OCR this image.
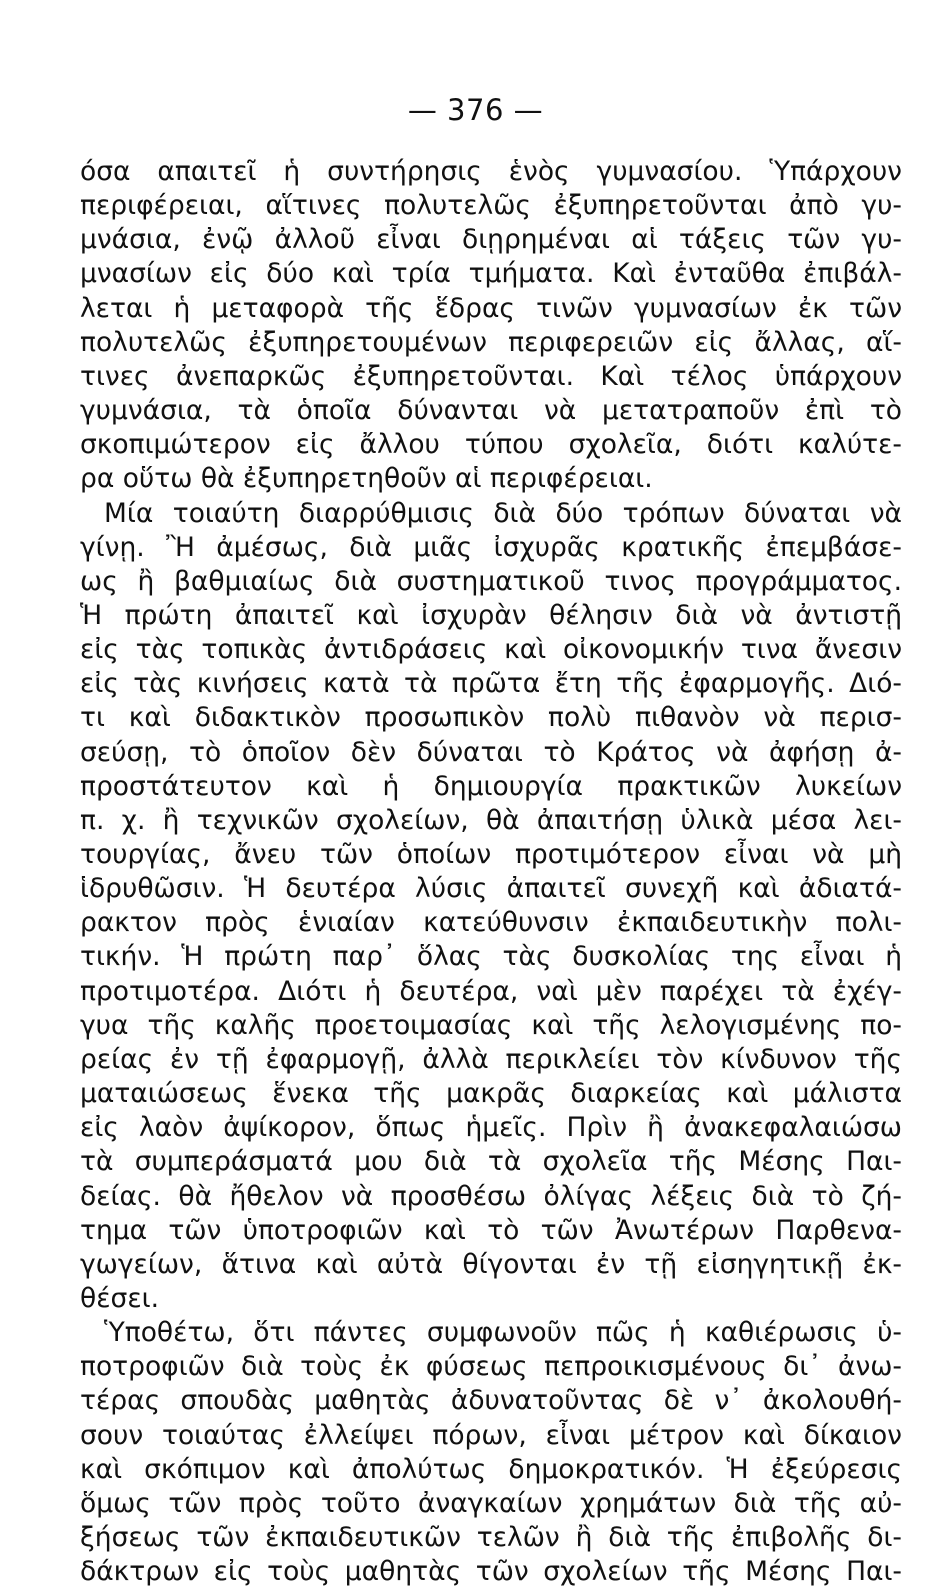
— 376 —
όσα απαιτεῖ ἡ συντήρησις ἑνὸς γυμνασίου. Ὑπάρχουν
περιφέρειαι, αἵτινες πολυτελῶς ἐξυπηρετοῦνται ἀπὸ γυ-
μνάσια, ἐνῷ ἀλλοῦ εἶναι διῃρημέναι αἱ τάξεις τῶν γυ-
μνασίων εἰς δύο καὶ τρία τμήματα. Καὶ ἐνταῦθα ἐπιβάλ-
λεται ἡ μεταφορὰ τῆς ἕδρας τινῶν γυμνασίων ἐκ τῶν
πολυτελῶς ἐξυπηρετουμένων περιφερειῶν εἰς ἄλλας, αἵ-
τινες ἀνεπαρκῶς ἐξυπηρετοῦνται. Καὶ τέλος ὑπάρχουν
γυμνάσια, τὰ ὁποῖα δύνανται νὰ μετατραποῦν ἐπὶ τὸ
σκοπιμώτερον εἰς ἄλλου τύπου σχολεῖα, διότι καλύτε-
ρα οὕτω θὰ ἐξυπηρετηθοῦν αἱ περιφέρειαι.
Μία τοιαύτη διαρρύθμισις διὰ δύο τρόπων δύναται νὰ
γίνῃ. Ἢ ἀμέσως, διὰ μιᾶς ἰσχυρᾶς κρατικῆς ἐπεμβάσε-
ως ἢ βαθμιαίως διὰ συστηματικοῦ τινος προγράμματος.
Ἡ πρώτη ἀπαιτεῖ καὶ ἰσχυρὰν θέλησιν διὰ νὰ ἀντιστῇ
εἰς τὰς τοπικὰς ἀντιδράσεις καὶ οἰκονομικήν τινα ἄνεσιν
εἰς τὰς κινήσεις κατὰ τὰ πρῶτα ἔτη τῆς ἐφαρμογῆς. Διό-
τι καὶ διδακτικὸν προσωπικὸν πολὺ πιθανὸν νὰ περισ-
σεύσῃ, τὸ ὁποῖον δὲν δύναται τὸ Κράτος νὰ ἀφήσῃ ἀ-
προστάτευτον καὶ ἡ δημιουργία πρακτικῶν λυκείων
π. χ. ἢ τεχνικῶν σχολείων, θὰ ἀπαιτήσῃ ὑλικὰ μέσα λει-
τουργίας, ἄνευ τῶν ὁποίων προτιμότερον εἶναι νὰ μὴ
ἱδρυθῶσιν. Ἡ δευτέρα λύσις ἀπαιτεῖ συνεχῆ καὶ ἀδιατά-
ρακτον πρὸς ἑνιαίαν κατεύθυνσιν ἐκπαιδευτικὴν πολι-
τικήν. Ἡ πρώτη παρ᾽ ὅλας τὰς δυσκολίας της εἶναι ἡ
προτιμοτέρα. Διότι ἡ δευτέρα, ναὶ μὲν παρέχει τὰ ἐχέγ-
γυα τῆς καλῆς προετοιμασίας καὶ τῆς λελογισμένης πο-
ρείας ἐν τῇ ἐφαρμογῇ, ἀλλὰ περικλείει τὸν κίνδυνον τῆς
ματαιώσεως ἕνεκα τῆς μακρᾶς διαρκείας καὶ μάλιστα
εἰς λαὸν ἀψίκορον, ὅπως ἡμεῖς. Πρὶν ἢ ἀνακεφαλαιώσω
τὰ συμπεράσματά μου διὰ τὰ σχολεῖα τῆς Μέσης Παι-
δείας. θὰ ἤθελον νὰ προσθέσω ὀλίγας λέξεις διὰ τὸ ζή-
τημα τῶν ὑποτροφιῶν καὶ τὸ τῶν Ἀνωτέρων Παρθενα-
γωγείων, ἅτινα καὶ αὐτὰ θίγονται ἐν τῇ εἰσηγητικῇ ἐκ-
θέσει.
Ὑποθέτω, ὅτι πάντες συμφωνοῦν πῶς ἡ καθιέρωσις ὑ-
ποτροφιῶν διὰ τοὺς ἐκ φύσεως πεπροικισμένους δι᾽ ἀνω-
τέρας σπουδὰς μαθητὰς ἀδυνατοῦντας δὲ ν᾽ ἀκολουθή-
σουν τοιαύτας ἐλλείψει πόρων, εἶναι μέτρον καὶ δίκαιον
καὶ σκόπιμον καὶ ἀπολύτως δημοκρατικόν. Ἡ ἐξεύρεσις
ὅμως τῶν πρὸς τοῦτο ἀναγκαίων χρημάτων διὰ τῆς αὐ-
ξήσεως τῶν ἐκπαιδευτικῶν τελῶν ἢ διὰ τῆς ἐπιβολῆς δι-
δάκτρων εἰς τοὺς μαθητὰς τῶν σχολείων τῆς Μέσης Παι-
